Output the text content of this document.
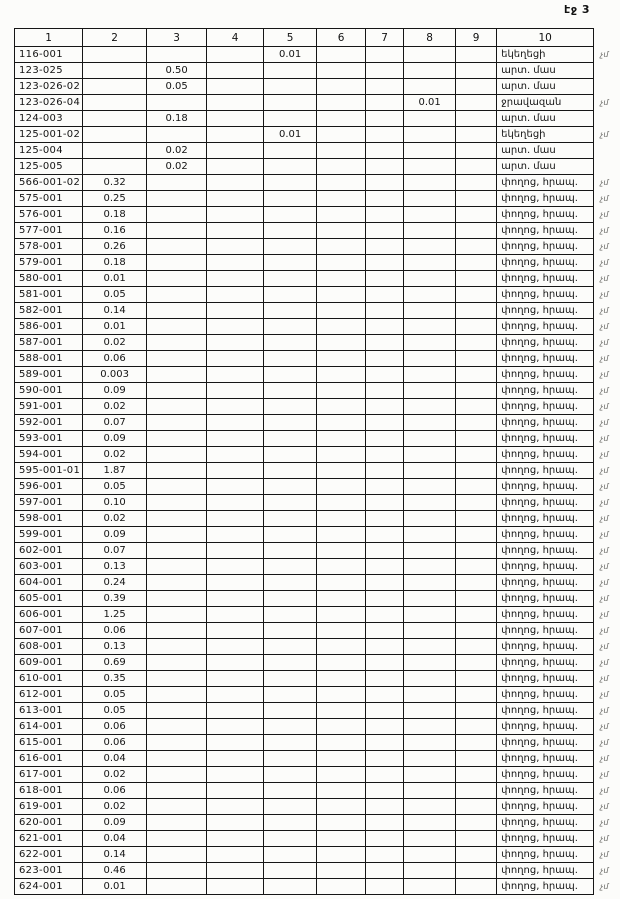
էջ 3
1	2	3	4	5	6	7	8	9	10	
116-001				0.01					եկեղեցի	չմ
123-025		0.50							արտ. մաս	
123-026-02		0.05							արտ. մաս	
123-026-04							0.01		ջրավազան	չմ
124-003		0.18							արտ. մաս	
125-001-02				0.01					եկեղեցի	չմ
125-004		0.02							արտ. մաս	
125-005		0.02							արտ. մաս	
566-001-02	0.32								փողոց, հրապ.	չմ
575-001	0.25								փողոց, հրապ.	չմ
576-001	0.18								փողոց, հրապ.	չմ
577-001	0.16								փողոց, հրապ.	չմ
578-001	0.26								փողոց, հրապ.	չմ
579-001	0.18								փողոց, հրապ.	չմ
580-001	0.01								փողոց, հրապ.	չմ
581-001	0.05								փողոց, հրապ.	չմ
582-001	0.14								փողոց, հրապ.	չմ
586-001	0.01								փողոց, հրապ.	չմ
587-001	0.02								փողոց, հրապ.	չմ
588-001	0.06								փողոց, հրապ.	չմ
589-001	0.003								փողոց, հրապ.	չմ
590-001	0.09								փողոց, հրապ.	չմ
591-001	0.02								փողոց, հրապ.	չմ
592-001	0.07								փողոց, հրապ.	չմ
593-001	0.09								փողոց, հրապ.	չմ
594-001	0.02								փողոց, հրապ.	չմ
595-001-01	1.87								փողոց, հրապ.	չմ
596-001	0.05								փողոց, հրապ.	չմ
597-001	0.10								փողոց, հրապ.	չմ
598-001	0.02								փողոց, հրապ.	չմ
599-001	0.09								փողոց, հրապ.	չմ
602-001	0.07								փողոց, հրապ.	չմ
603-001	0.13								փողոց, հրապ.	չմ
604-001	0.24								փողոց, հրապ.	չմ
605-001	0.39								փողոց, հրապ.	չմ
606-001	1.25								փողոց, հրապ.	չմ
607-001	0.06								փողոց, հրապ.	չմ
608-001	0.13								փողոց, հրապ.	չմ
609-001	0.69								փողոց, հրապ.	չմ
610-001	0.35								փողոց, հրապ.	չմ
612-001	0.05								փողոց, հրապ.	չմ
613-001	0.05								փողոց, հրապ.	չմ
614-001	0.06								փողոց, հրապ.	չմ
615-001	0.06								փողոց, հրապ.	չմ
616-001	0.04								փողոց, հրապ.	չմ
617-001	0.02								փողոց, հրապ.	չմ
618-001	0.06								փողոց, հրապ.	չմ
619-001	0.02								փողոց, հրապ.	չմ
620-001	0.09								փողոց, հրապ.	չմ
621-001	0.04								փողոց, հրապ.	չմ
622-001	0.14								փողոց, հրապ.	չմ
623-001	0.46								փողոց, հրապ.	չմ
624-001	0.01								փողոց, հրապ.	չմ
